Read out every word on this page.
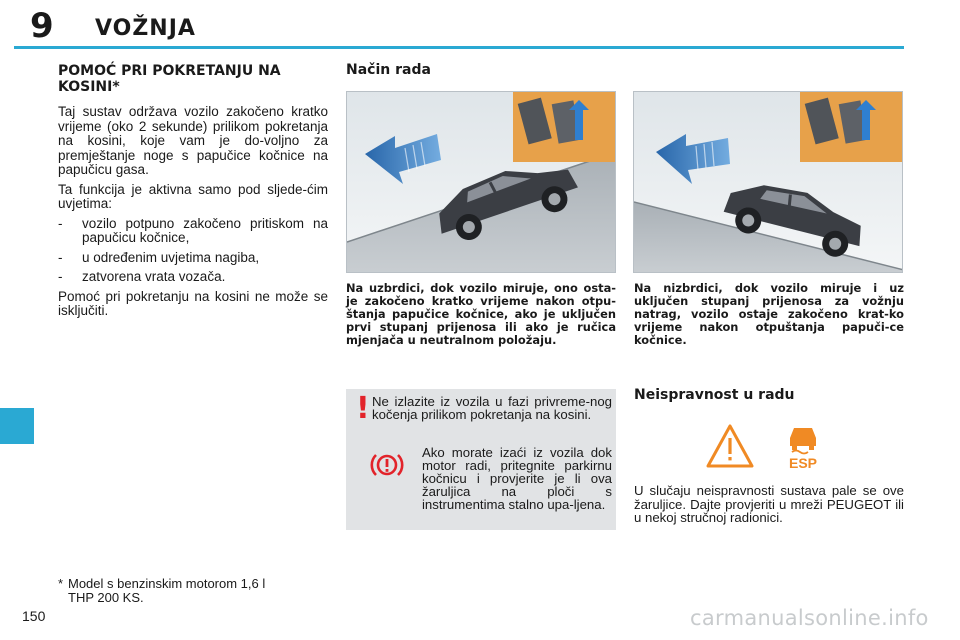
9 VOŽNJA
POMOĆ PRI POKRETANJU NA KOSINI*

Taj sustav održava vozilo zakočeno kratko vrijeme (oko 2 sekunde) prilikom pokretanja na kosini, koje vam je do-voljno za premještanje noge s papučice kočnice na papučicu gasa.

Ta funkcija je aktivna samo pod sljede-ćim uvjetima:

-	vozilo potpuno zakočeno pritiskom na papučicu kočnice,
-	u određenim uvjetima nagiba,
-	zatvorena vrata vozača.

Pomoć pri pokretanju na kosini ne može se isključiti.

Način rada
Na uzbrdici, dok vozilo miruje, ono osta-je zakočeno kratko vrijeme nakon otpu-štanja papučice kočnice, ako je uključen prvi stupanj prijenosa ili ako je ručica mjenjača u neutralnom položaju.
Na nizbrdici, dok vozilo miruje i uz uključen stupanj prijenosa za vožnju natrag, vozilo ostaje zakočeno krat-ko vrijeme nakon otpuštanja papuči-ce kočnice.
! Ne izlazite iz vozila u fazi privreme-nog kočenja prilikom pokretanja na kosini.
Ako morate izaći iz vozila dok motor radi, pritegnite parkirnu kočnicu i provjerite je li ova žaruljica na ploči s instrumentima stalno upa-ljena.
Neispravnost u radu
ESP
U slučaju neispravnosti sustava pale se ove žaruljice. Dajte provjeriti u mreži PEUGEOT ili u nekoj stručnoj radionici.
* Model s benzinskim motorom 1,6 l
THP 200 KS.
150	carmanualsonline.info
